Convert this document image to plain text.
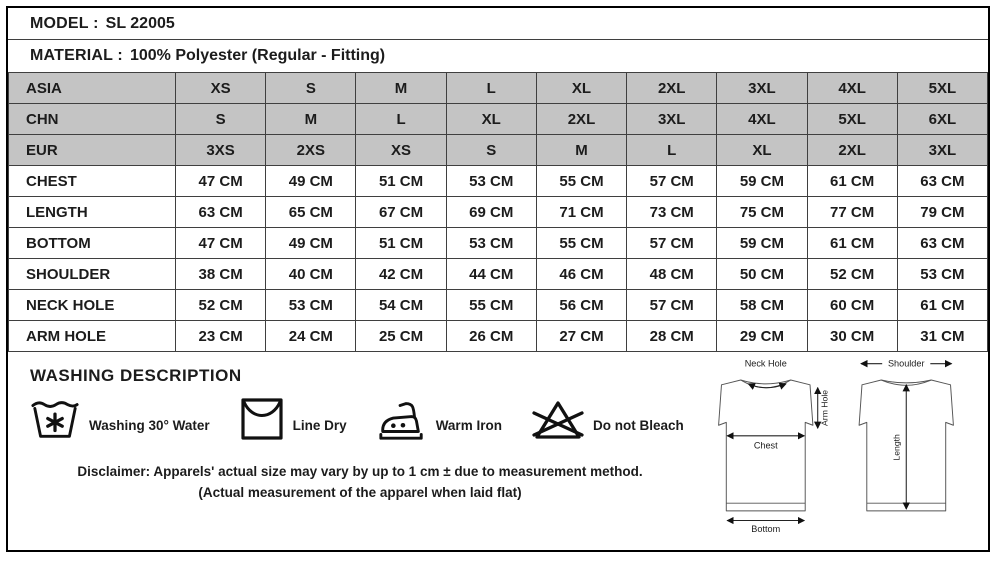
MODEL : SL 22005
MATERIAL : 100% Polyester (Regular - Fitting)
ASIA	XS	S	M	L	XL	2XL	3XL	4XL	5XL
CHN	S	M	L	XL	2XL	3XL	4XL	5XL	6XL
EUR	3XS	2XS	XS	S	M	L	XL	2XL	3XL
CHEST	47 CM	49 CM	51 CM	53 CM	55 CM	57 CM	59 CM	61 CM	63 CM
LENGTH	63 CM	65 CM	67 CM	69 CM	71 CM	73 CM	75 CM	77 CM	79 CM
BOTTOM	47 CM	49 CM	51 CM	53 CM	55 CM	57 CM	59 CM	61 CM	63 CM
SHOULDER	38 CM	40 CM	42 CM	44 CM	46 CM	48 CM	50 CM	52 CM	53 CM
NECK HOLE	52 CM	53 CM	54 CM	55 CM	56 CM	57 CM	58 CM	60 CM	61 CM
ARM HOLE	23 CM	24 CM	25 CM	26 CM	27 CM	28 CM	29 CM	30 CM	31 CM
WASHING DESCRIPTION
Washing 30° Water	Line Dry	Warm Iron	Do not Bleach
Disclaimer: Apparels' actual size may vary by up to 1 cm ± due to measurement method.
(Actual measurement of the apparel when laid flat)
Neck Hole
Arm Hole
Chest
Bottom
Shoulder
Length
